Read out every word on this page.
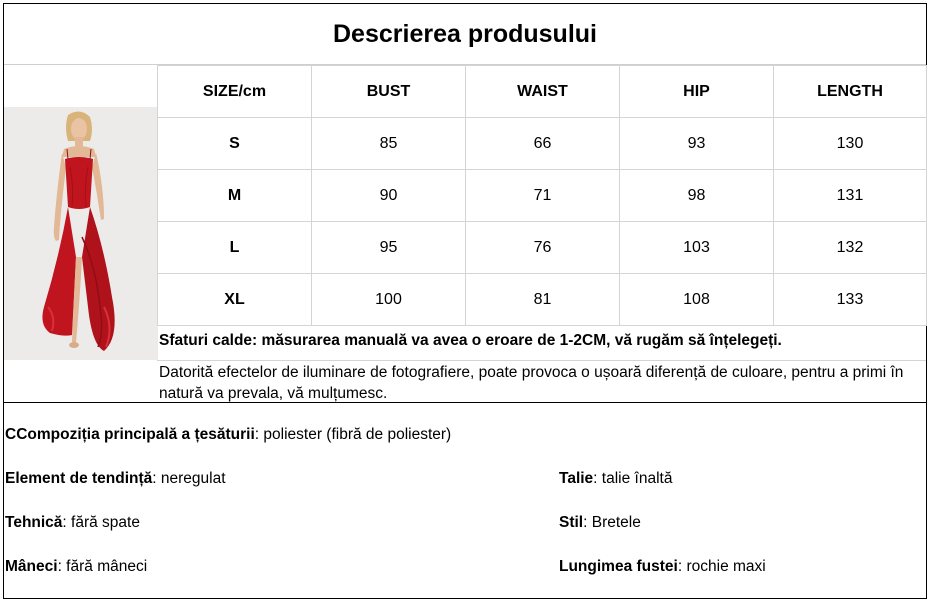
Descrierea produsului
SIZE/cm	BUST	WAIST	HIP	LENGTH
S	85	66	93	130
M	90	71	98	131
L	95	76	103	132
XL	100	81	108	133
Sfaturi calde: măsurarea manuală va avea o eroare de 1-2CM, vă rugăm să înțelegeți.
Datorită efectelor de iluminare de fotografiere, poate provoca o ușoară diferență de culoare, pentru a primi în natură va prevala, vă mulțumesc.
CCompoziția principală a țesăturii: poliester (fibră de poliester)
Element de tendință: neregulat	Talie: talie înaltă
Tehnică: fără spate	Stil: Bretele
Mâneci: fără mâneci	Lungimea fustei: rochie maxi
